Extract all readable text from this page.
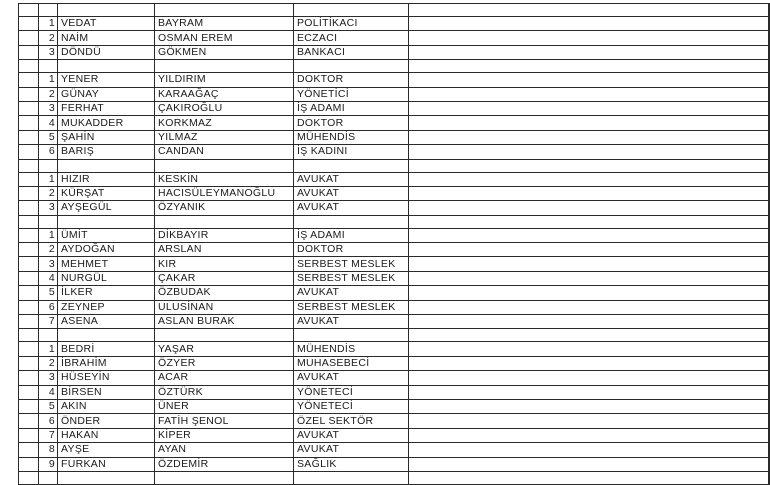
	1	VEDAT	BAYRAM	POLİTİKACI	
	2	NAİM	OSMAN EREM	ECZACI	
	3	DÖNDÜ	GÖKMEN	BANKACI	

	1	YENER	YILDIRIM	DOKTOR	
	2	GÜNAY	KARAAĞAÇ	YÖNETİCİ	
	3	FERHAT	ÇAKIROĞLU	İŞ ADAMI	
	4	MUKADDER	KORKMAZ	DOKTOR	
	5	ŞAHİN	YILMAZ	MÜHENDİS	
	6	BARIŞ	CANDAN	İŞ KADINI	

	1	HIZIR	KESKİN	AVUKAT	
	2	KÜRŞAT	HACISÜLEYMANOĞLU	AVUKAT	
	3	AYŞEGÜL	ÖZYANIK	AVUKAT	

	1	ÜMİT	DİKBAYIR	İŞ ADAMI	
	2	AYDOĞAN	ARSLAN	DOKTOR	
	3	MEHMET	KIR	SERBEST MESLEK	
	4	NURGÜL	ÇAKAR	SERBEST MESLEK	
	5	İLKER	ÖZBUDAK	AVUKAT	
	6	ZEYNEP	ULUSİNAN	SERBEST MESLEK	
	7	ASENA	ASLAN BURAK	AVUKAT	

	1	BEDRİ	YAŞAR	MÜHENDİS	
	2	İBRAHİM	ÖZYER	MUHASEBECİ	
	3	HÜSEYİN	ACAR	AVUKAT	
	4	BİRSEN	ÖZTÜRK	YÖNETECİ	
	5	AKIN	ÜNER	YÖNETECİ	
	6	ÖNDER	FATİH ŞENOL	ÖZEL SEKTÖR	
	7	HAKAN	KİPER	AVUKAT	
	8	AYŞE	AYAN	AVUKAT	
	9	FURKAN	ÖZDEMİR	SAĞLIK	
